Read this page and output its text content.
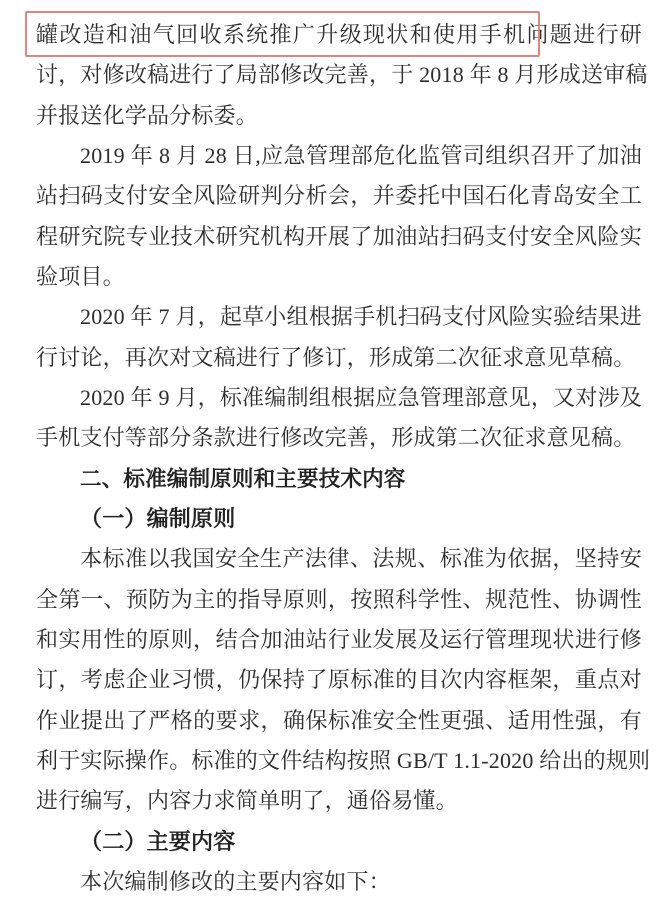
罐改造和油气回收系统推广升级现状和使用手机问题进行研
讨，对修改稿进行了局部修改完善，于 2018 年 8 月形成送审稿
并报送化学品分标委。
2019 年 8 月 28 日,应急管理部危化监管司组织召开了加油
站扫码支付安全风险研判分析会，并委托中国石化青岛安全工
程研究院专业技术研究机构开展了加油站扫码支付安全风险实
验项目。
2020 年 7 月，起草小组根据手机扫码支付风险实验结果进
行讨论，再次对文稿进行了修订，形成第二次征求意见草稿。
2020 年 9 月，标准编制组根据应急管理部意见，又对涉及
手机支付等部分条款进行修改完善，形成第二次征求意见稿。
二、标准编制原则和主要技术内容
（一）编制原则
本标准以我国安全生产法律、法规、标准为依据，坚持安
全第一、预防为主的指导原则，按照科学性、规范性、协调性
和实用性的原则，结合加油站行业发展及运行管理现状进行修
订，考虑企业习惯，仍保持了原标准的目次内容框架，重点对
作业提出了严格的要求，确保标准安全性更强、适用性强，有
利于实际操作。标准的文件结构按照 GB/T 1.1-2020 给出的规则
进行编写，内容力求简单明了，通俗易懂。
（二）主要内容
本次编制修改的主要内容如下：
